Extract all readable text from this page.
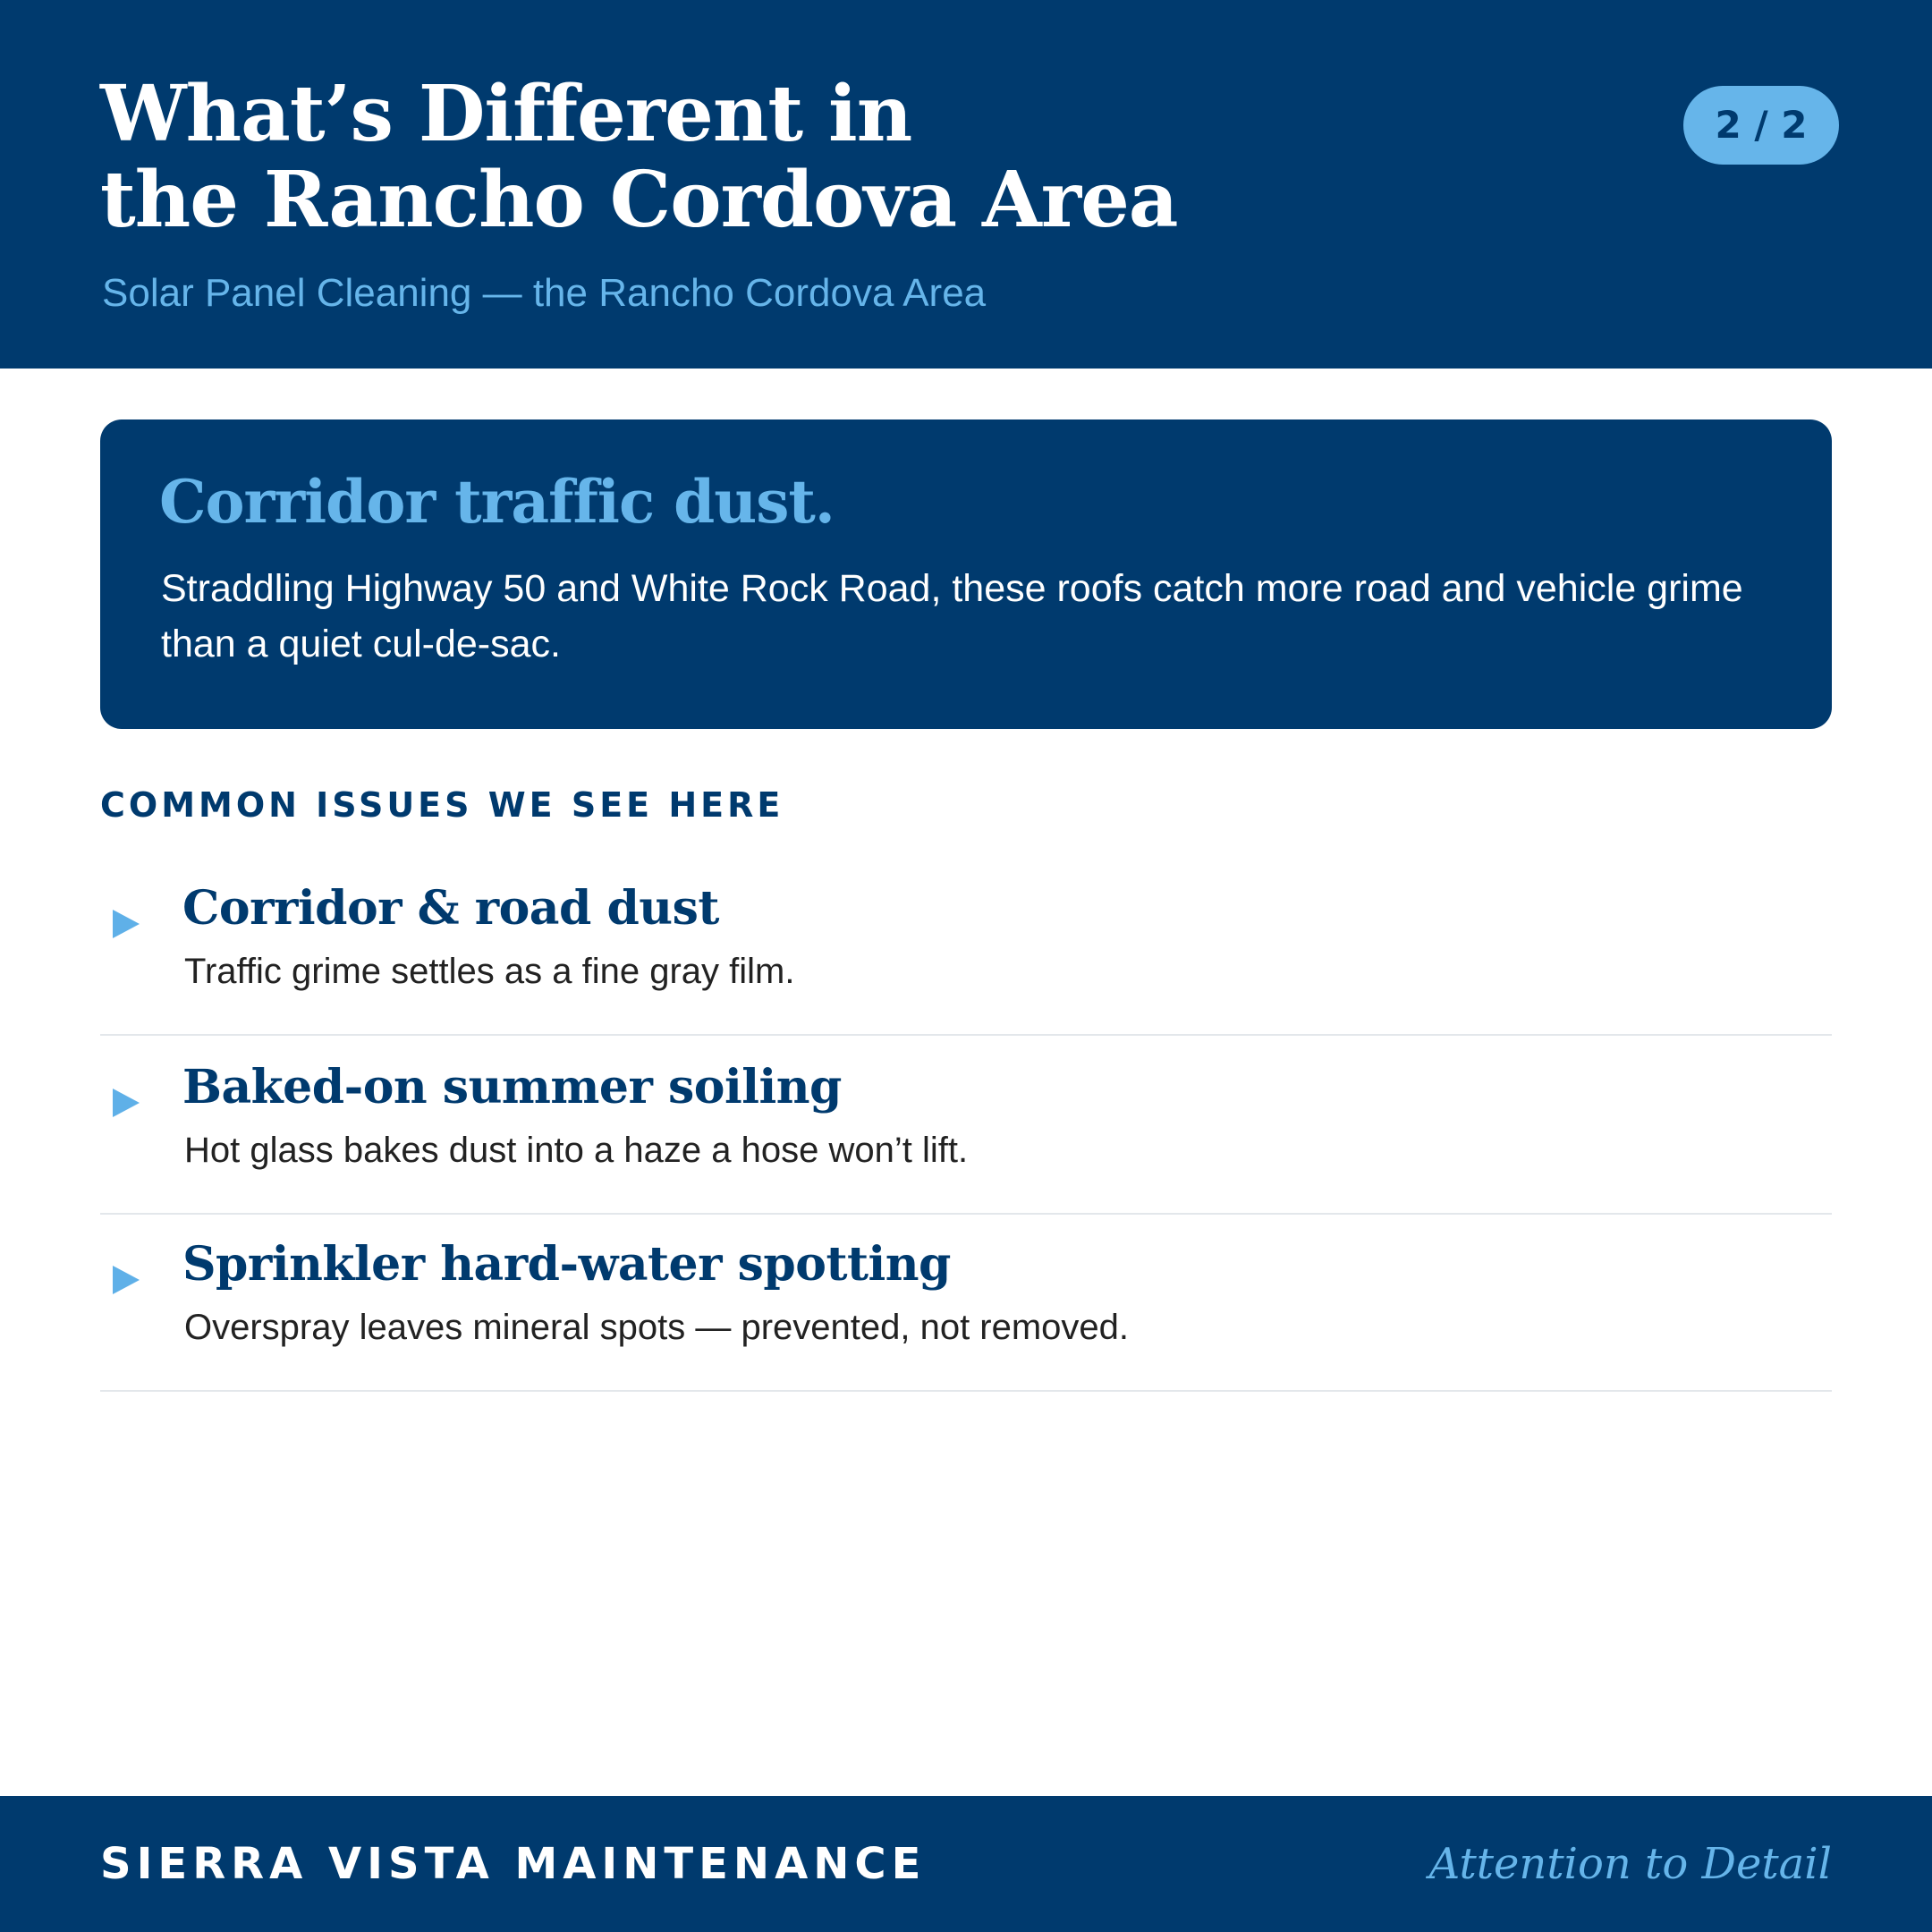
What’s Different in
the Rancho Cordova Area
Solar Panel Cleaning — the Rancho Cordova Area
2 / 2
Corridor traffic dust.
Straddling Highway 50 and White Rock Road, these roofs catch more road and vehicle grime than a quiet cul-de-sac.
COMMON ISSUES WE SEE HERE
Corridor & road dust
Traffic grime settles as a fine gray film.
Baked-on summer soiling
Hot glass bakes dust into a haze a hose won’t lift.
Sprinkler hard-water spotting
Overspray leaves mineral spots — prevented, not removed.
SIERRA VISTA MAINTENANCE	Attention to Detail
